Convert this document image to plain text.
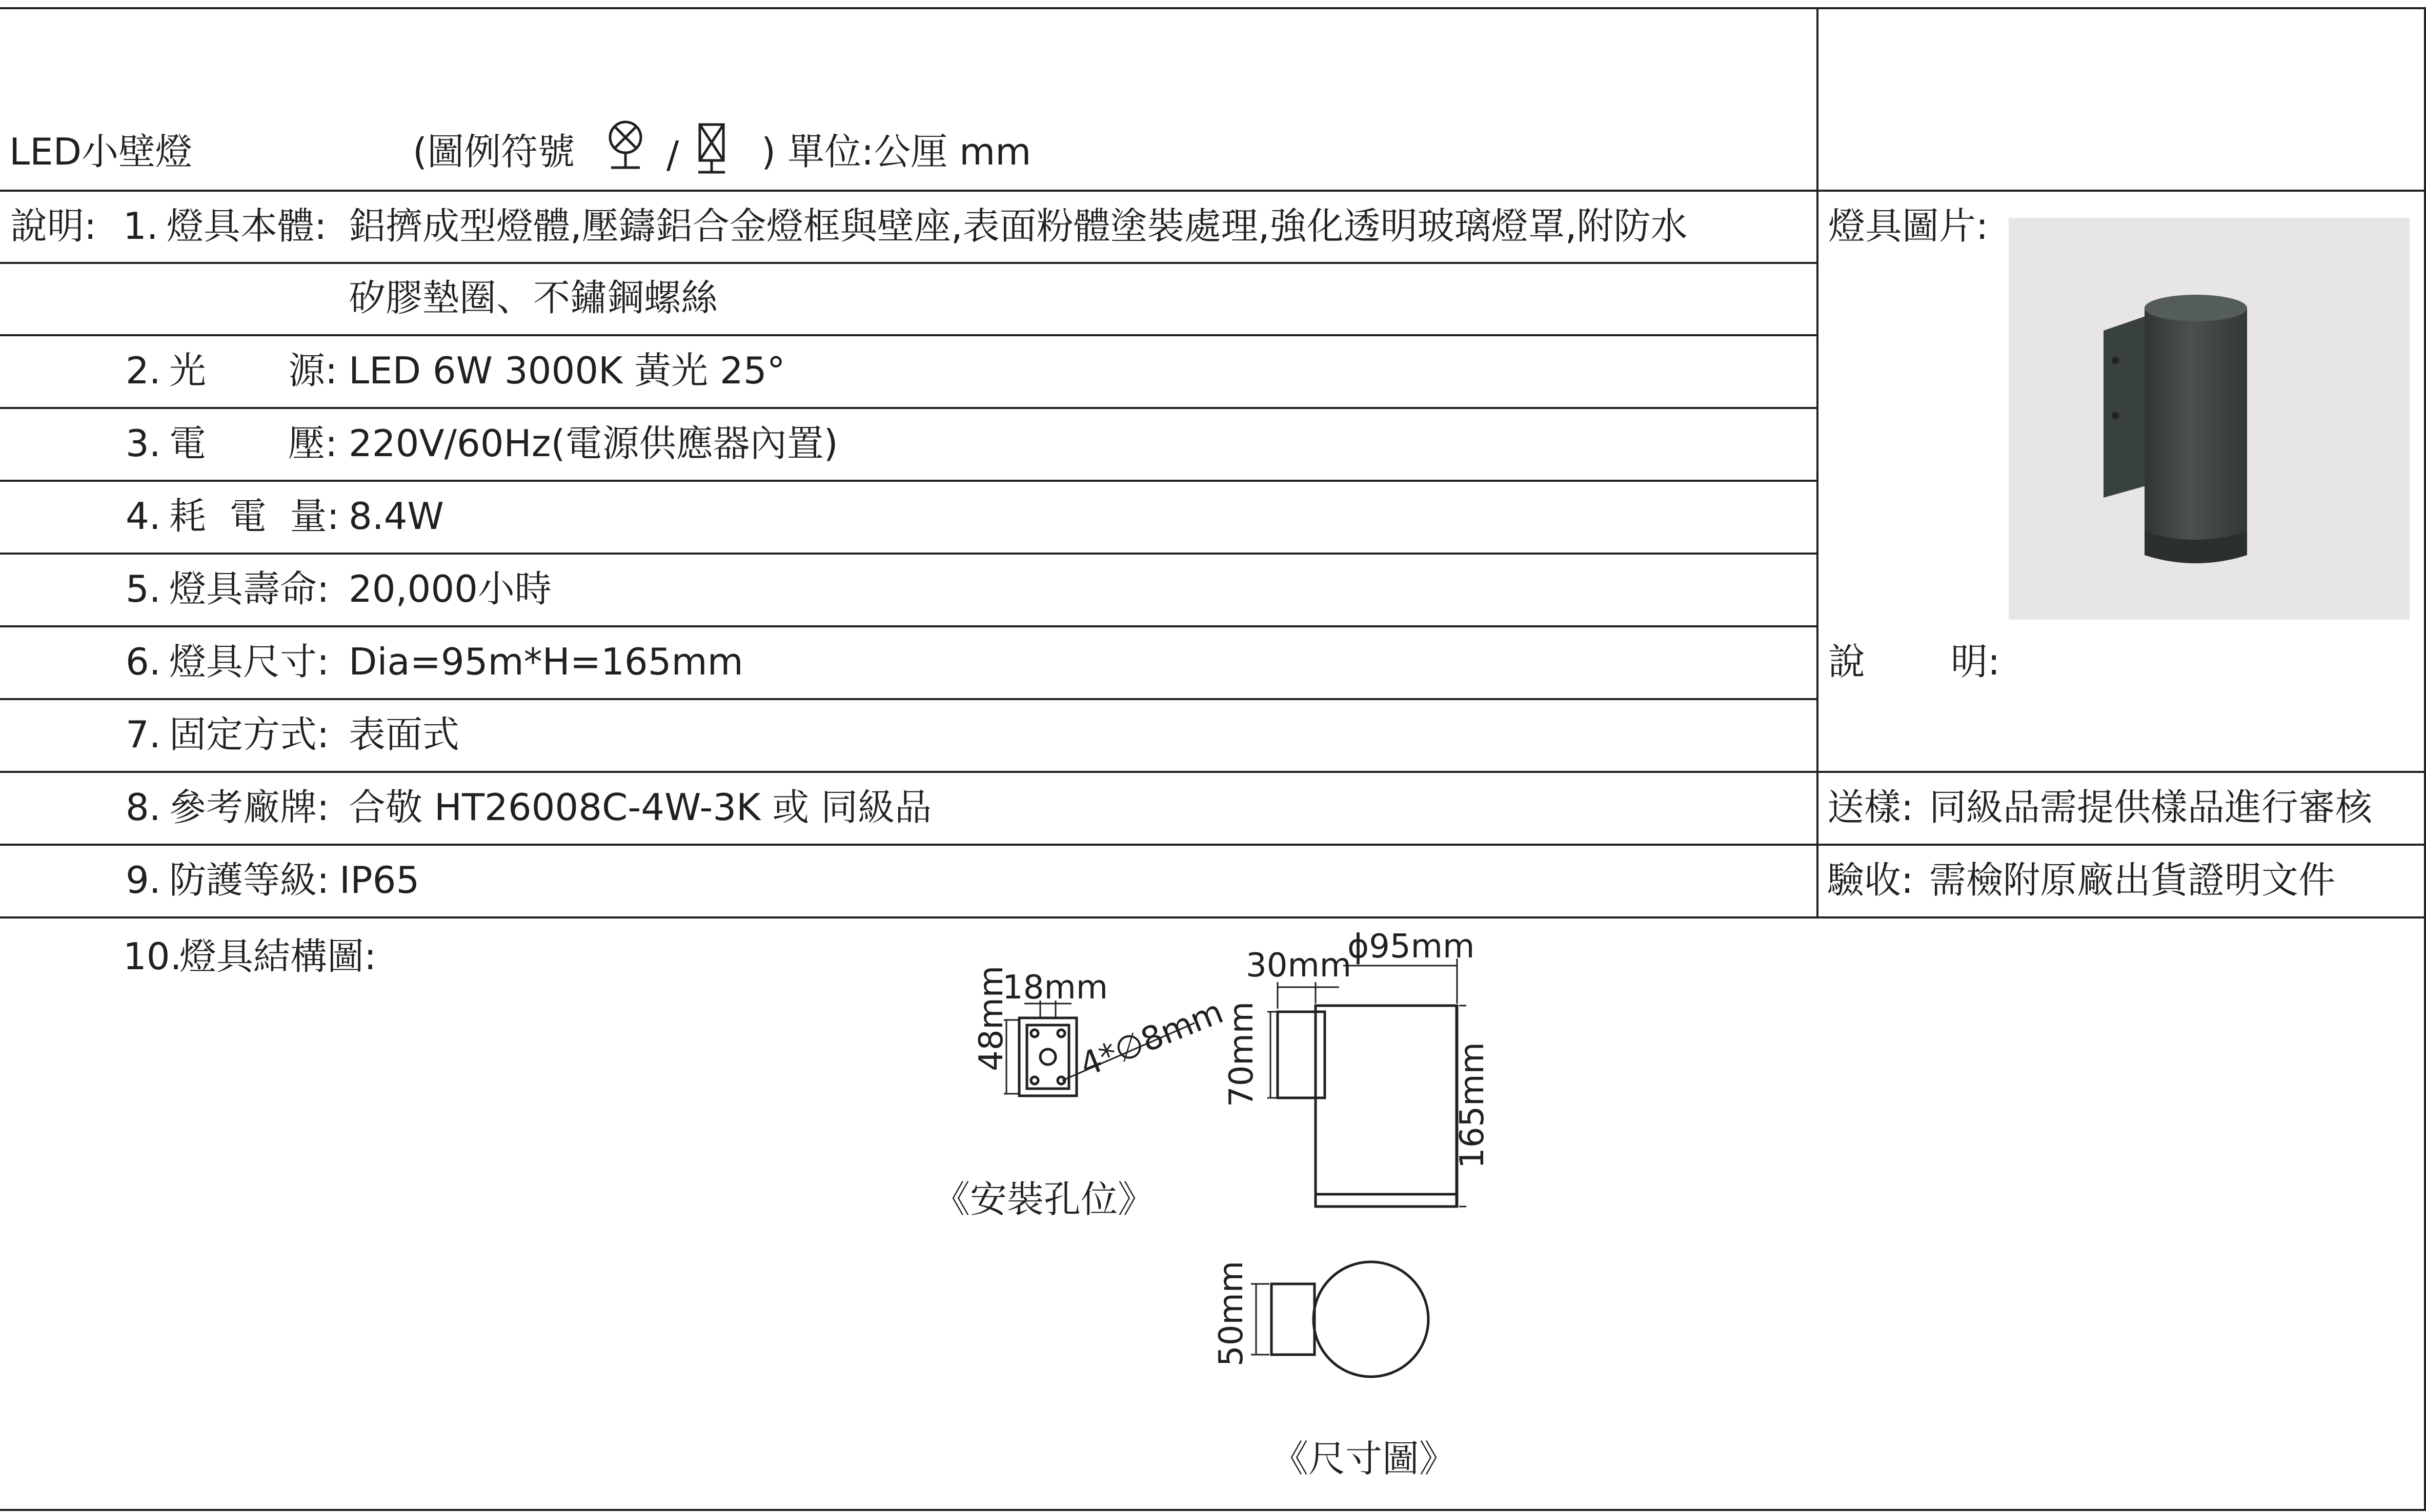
LED小壁燈	(圖例符號 / ) 單位:公厘 mm
說明: 1. 燈具本體: 鋁擠成型燈體,壓鑄鋁合金燈框與壁座,表面粉體塗裝處理,強化透明玻璃燈罩,附防水
矽膠墊圈、不鏽鋼螺絲
2. 光 源: LED 6W 3000K 黃光 25°
3. 電 壓: 220V/60Hz(電源供應器內置)
4. 耗  電  量: 8.4W
5. 燈具壽命: 20,000小時
6. 燈具尺寸: Dia=95m*H=165mm
7. 固定方式: 表面式
8. 參考廠牌: 合敬 HT26008C-4W-3K 或 同級品
9. 防護等級: IP65
10.
燈具結構圖:
燈具圖片:
說 明:
送樣: 同級品需提供樣品進行審核
驗收: 需檢附原廠出貨證明文件
18mm
48mm 4*∅8mm
30mm
ϕ95mm
70mm	165mm
50mm
《安裝孔位》
《尺寸圖》
